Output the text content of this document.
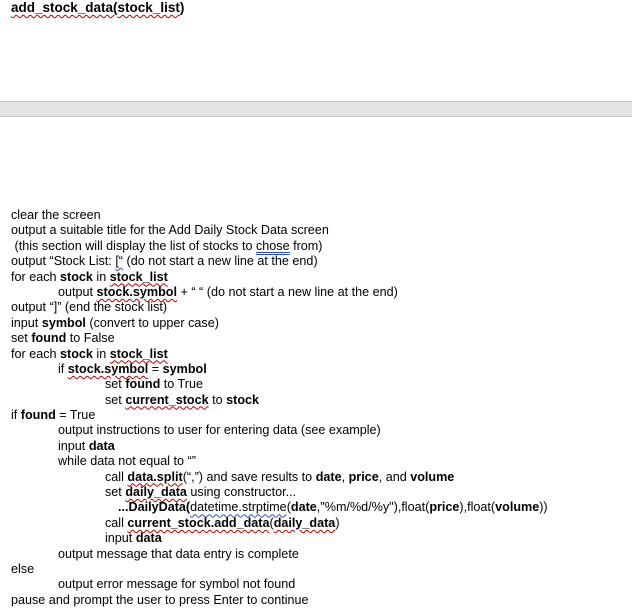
add_stock_data(stock_list)
clear the screen
output a suitable title for the Add Daily Stock Data screen
(this section will display the list of stocks to chose from)
output “Stock List: [“ (do not start a new line at the end)
for each stock in stock_list
output stock.symbol + “ “ (do not start a new line at the end)
output “]” (end the stock list)
input symbol (convert to upper case)
set found to False
for each stock in stock_list
if stock.symbol = symbol
set found to True
set current_stock to stock
if found = True
output instructions to user for entering data (see example)
input data
while data not equal to “”
call data.split(“,”) and save results to date, price, and volume
set daily_data using constructor...
...DailyData(datetime.strptime(date,"%m/%d/%y"),float(price),float(volume))
call current_stock.add_data(daily_data)
input data
output message that data entry is complete
else
output error message for symbol not found
pause and prompt the user to press Enter to continue
